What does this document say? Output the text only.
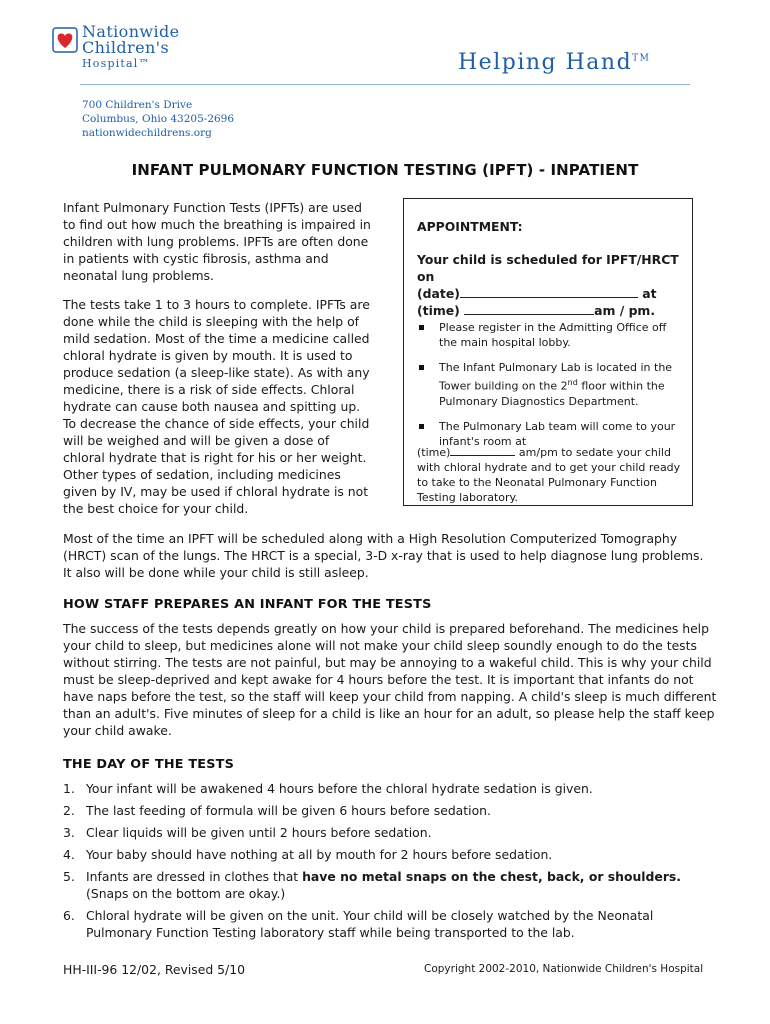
Nationwide
Children's
Hospital™	Helping Hand™
700 Children's Drive
Columbus, Ohio 43205-2696
nationwidechildrens.org
INFANT PULMONARY FUNCTION TESTING (IPFT) - INPATIENT

Infant Pulmonary Function Tests (IPFTs) are used to find out how much the breathing is impaired in children with lung problems. IPFTs are often done in patients with cystic fibrosis, asthma and neonatal lung problems.

The tests take 1 to 3 hours to complete. IPFTs are done while the child is sleeping with the help of mild sedation. Most of the time a medicine called chloral hydrate is given by mouth. It is used to produce sedation (a sleep-like state). As with any medicine, there is a risk of side effects. Chloral hydrate can cause both nausea and spitting up. To decrease the chance of side effects, your child will be weighed and will be given a dose of chloral hydrate that is right for his or her weight. Other types of sedation, including medicines given by IV, may be used if chloral hydrate is not the best choice for your child.

APPOINTMENT:
Your child is scheduled for IPFT/HRCT on
(date)	at
(time)	am / pm.
Please register in the Admitting Office off the main hospital lobby.
The Infant Pulmonary Lab is located in the Tower building on the 2nd floor within the Pulmonary Diagnostics Department.
The Pulmonary Lab team will come to your infant's room at
(time)	am/pm to sedate your child with chloral hydrate and to get your child ready to take to the Neonatal Pulmonary Function Testing laboratory.
Most of the time an IPFT will be scheduled along with a High Resolution Computerized Tomography (HRCT) scan of the lungs. The HRCT is a special, 3-D x-ray that is used to help diagnose lung problems. It also will be done while your child is still asleep.
HOW STAFF PREPARES AN INFANT FOR THE TESTS
The success of the tests depends greatly on how your child is prepared beforehand. The medicines help your child to sleep, but medicines alone will not make your child sleep soundly enough to do the tests without stirring. The tests are not painful, but may be annoying to a wakeful child. This is why your child must be sleep-deprived and kept awake for 4 hours before the test. It is important that infants do not have naps before the test, so the staff will keep your child from napping. A child's sleep is much different than an adult's. Five minutes of sleep for a child is like an hour for an adult, so please help the staff keep your child awake.
THE DAY OF THE TESTS
1. Your infant will be awakened 4 hours before the chloral hydrate sedation is given.
2. The last feeding of formula will be given 6 hours before sedation.
3. Clear liquids will be given until 2 hours before sedation.
4. Your baby should have nothing at all by mouth for 2 hours before sedation.
5. Infants are dressed in clothes that have no metal snaps on the chest, back, or shoulders. (Snaps on the bottom are okay.)
6. Chloral hydrate will be given on the unit. Your child will be closely watched by the Neonatal Pulmonary Function Testing laboratory staff while being transported to the lab.
HH-III-96 12/02, Revised 5/10	Copyright 2002-2010, Nationwide Children's Hospital
